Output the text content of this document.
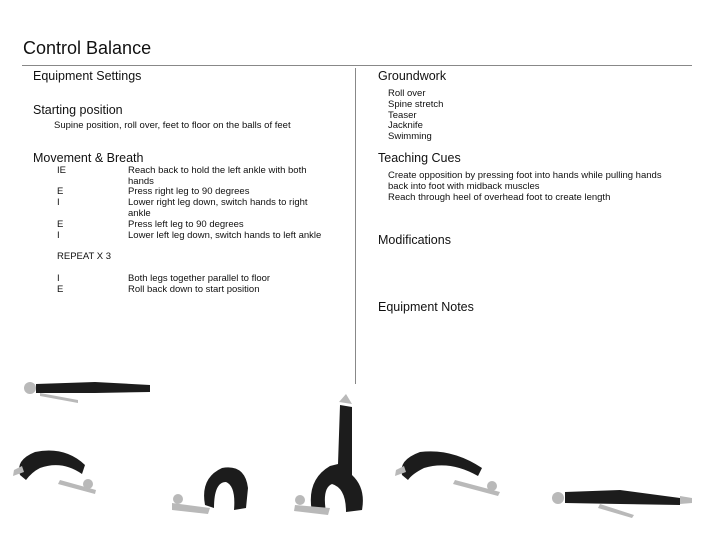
Control Balance
Equipment Settings
Starting position
Supine position, roll over, feet to floor on the balls of feet
Movement & Breath
IE	Reach back to hold the left ankle with both hands
E	Press right leg to 90 degrees
I	Lower right leg down, switch hands to right ankle
E	Press left leg to 90 degrees
I	Lower left leg down, switch hands to left ankle
REPEAT X 3
I	Both legs together parallel to floor
E	Roll back down to start position
Groundwork
Roll over
Spine stretch
Teaser
Jacknife
Swimming
Teaching Cues
Create opposition by pressing foot into hands while pulling hands back into foot with midback muscles
Reach through heel of overhead foot to create length
Modifications
Equipment Notes
